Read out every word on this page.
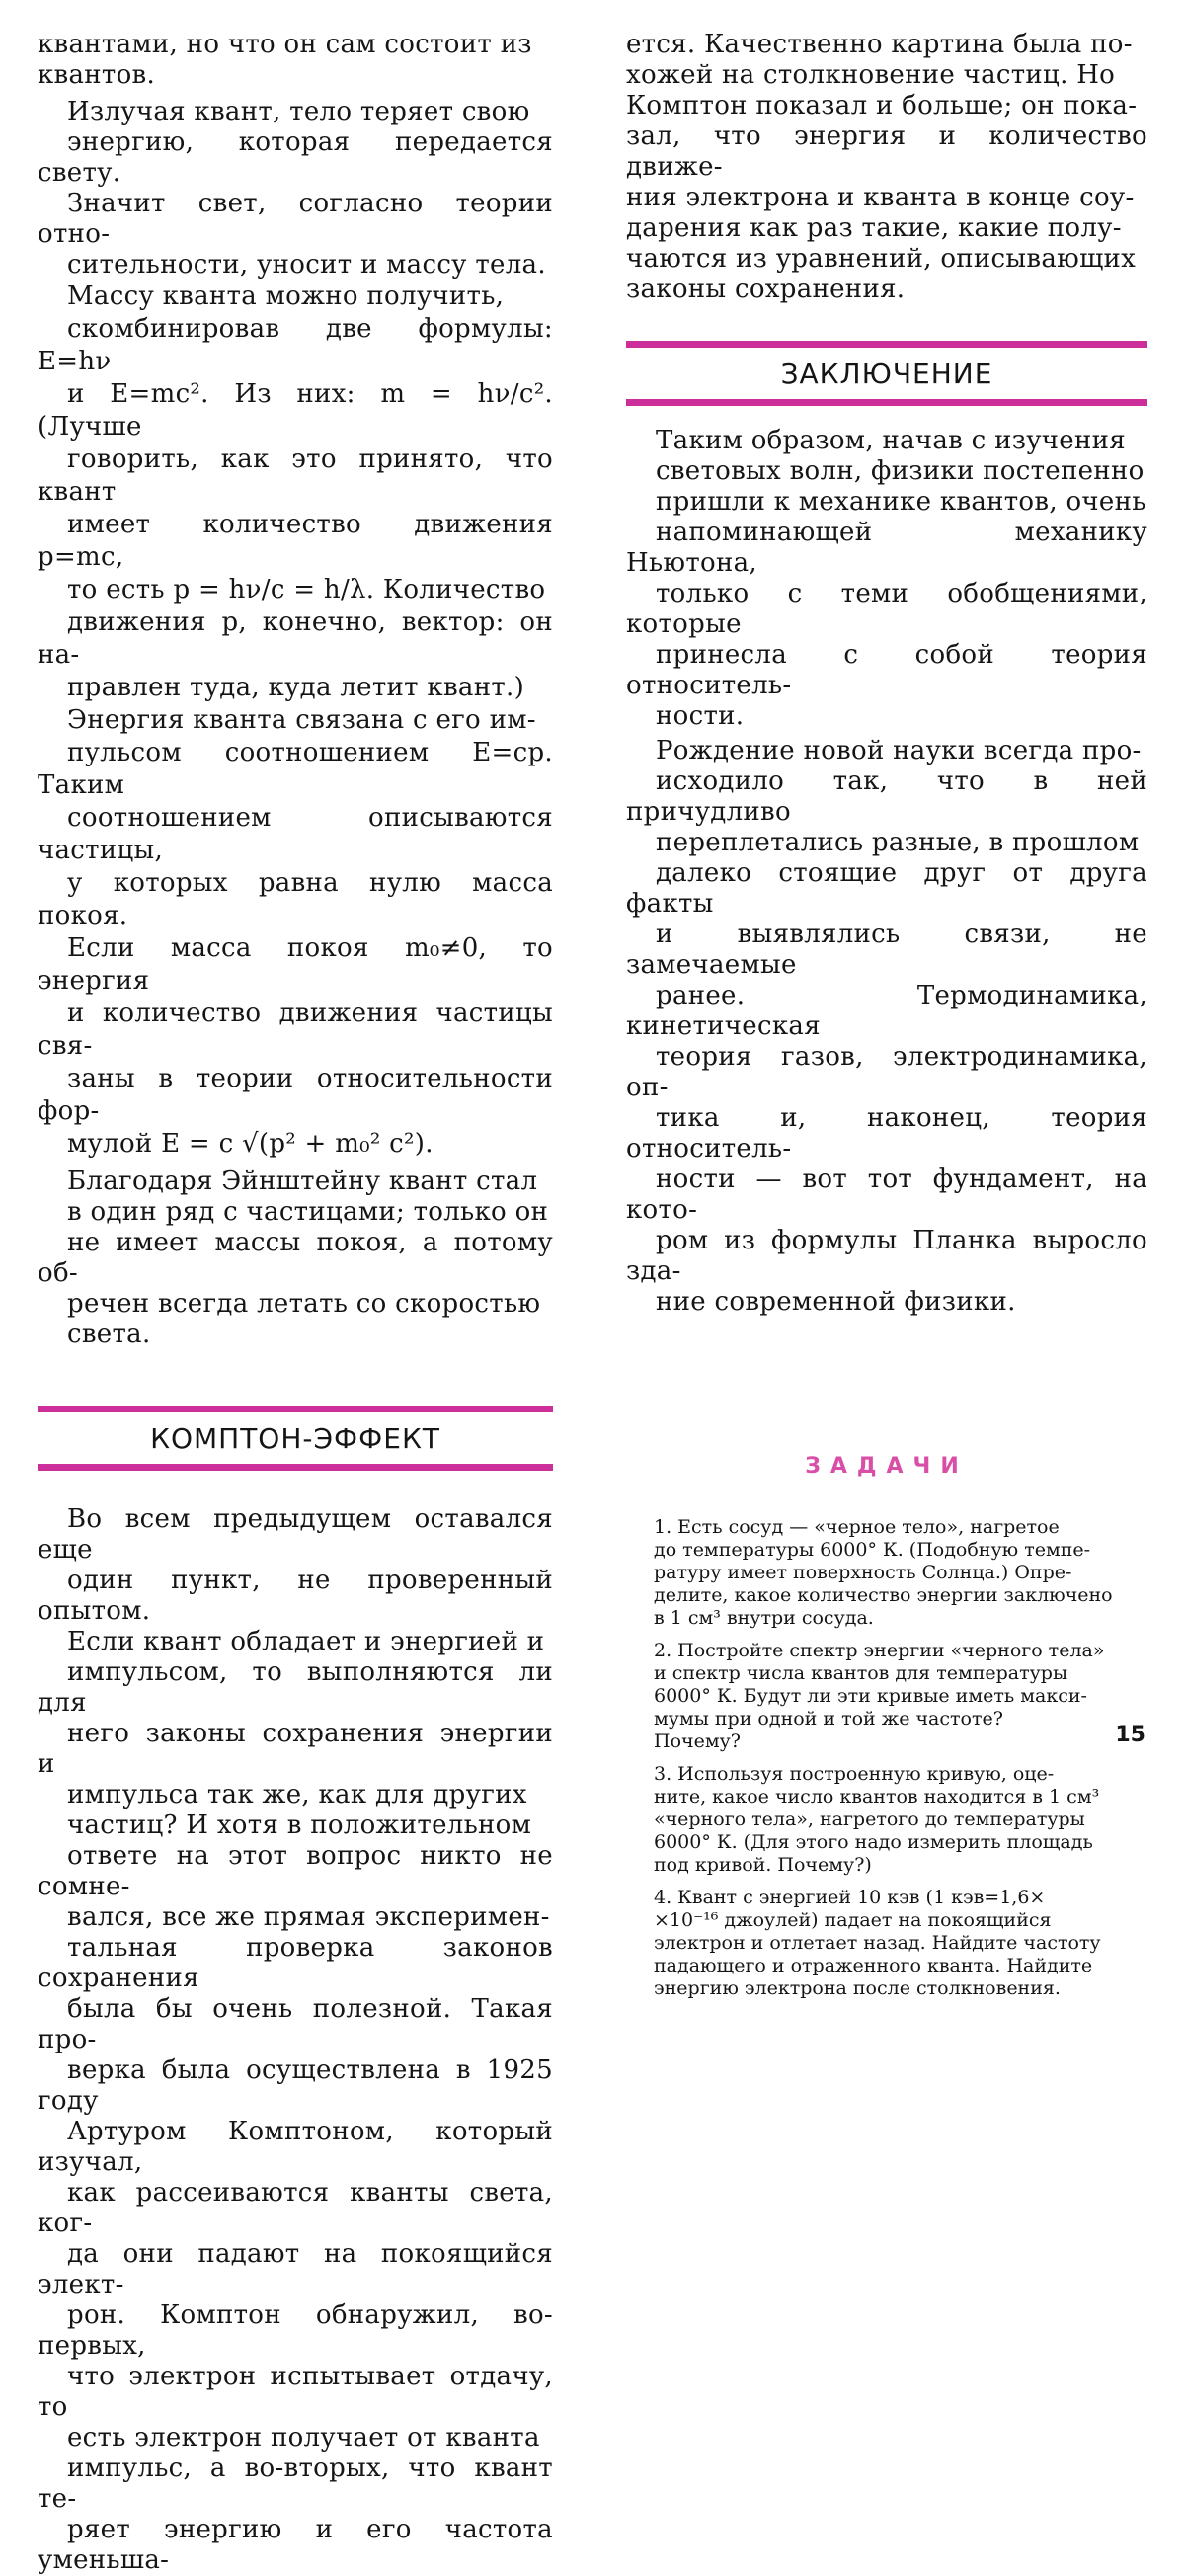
квантами, но что он сам состоит из
квантов.

Излучая квант, тело теряет свою
энергию, которая передается свету.
Значит свет, согласно теории отно-
сительности, уносит и массу тела.

Массу кванта можно получить,
скомбинировав две формулы: E=hν
и E=mc². Из них: m = hν/c². (Лучше
говорить, как это принято, что квант
имеет количество движения p=mc,
то есть p = hν/c = h/λ. Количество
движения p, конечно, вектор: он на-
правлен туда, куда летит квант.)
Энергия кванта связана с его им-
пульсом соотношением E=cp. Таким
соотношением описываются частицы,
у которых равна нулю масса покоя.
Если масса покоя m₀≠0, то энергия
и количество движения частицы свя-
заны в теории относительности фор-
мулой E = c √(p² + m₀² c²).

Благодаря Эйнштейну квант стал
в один ряд с частицами; только он
не имеет массы покоя, а потому об-
речен всегда летать со скоростью
света.

КОМПТОН-ЭФФЕКТ

Во всем предыдущем оставался еще
один пункт, не проверенный опытом.
Если квант обладает и энергией и
импульсом, то выполняются ли для
него законы сохранения энергии и
импульса так же, как для других
частиц? И хотя в положительном
ответе на этот вопрос никто не сомне-
вался, все же прямая эксперимен-
тальная проверка законов сохранения
была бы очень полезной. Такая про-
верка была осуществлена в 1925 году
Артуром Комптоном, который изучал,
как рассеиваются кванты света, ког-
да они падают на покоящийся элект-
рон. Комптон обнаружил, во-первых,
что электрон испытывает отдачу, то
есть электрон получает от кванта
импульс, а во-вторых, что квант те-
ряет энергию и его частота уменьша-

ется. Качественно картина была по-
хожей на столкновение частиц. Но
Комптон показал и больше; он пока-
зал, что энергия и количество движе-
ния электрона и кванта в конце соу-
дарения как раз такие, какие полу-
чаются из уравнений, описывающих
законы сохранения.

ЗАКЛЮЧЕНИЕ

Таким образом, начав с изучения
световых волн, физики постепенно
пришли к механике квантов, очень
напоминающей механику Ньютона,
только с теми обобщениями, которые
принесла с собой теория относитель-
ности.

Рождение новой науки всегда про-
исходило так, что в ней причудливо
переплетались разные, в прошлом
далеко стоящие друг от друга факты
и выявлялись связи, не замечаемые
ранее. Термодинамика, кинетическая
теория газов, электродинамика, оп-
тика и, наконец, теория относитель-
ности — вот тот фундамент, на кото-
ром из формулы Планка выросло зда-
ние современной физики.

ЗАДАЧИ

1. Есть сосуд — «черное тело», нагретое
до температуры 6000° К. (Подобную темпе-
ратуру имеет поверхность Солнца.) Опре-
делите, какое количество энергии заключено
в 1 см³ внутри сосуда.

2. Постройте спектр энергии «черного тела»
и спектр числа квантов для температуры
6000° К. Будут ли эти кривые иметь макси-
мумы при одной и той же частоте?
Почему?

3. Используя построенную кривую, оце-
ните, какое число квантов находится в 1 см³
«черного тела», нагретого до температуры
6000° К. (Для этого надо измерить площадь
под кривой. Почему?)

4. Квант с энергией 10 кэв (1 кэв=1,6×
×10⁻¹⁶ джоулей) падает на покоящийся
электрон и отлетает назад. Найдите частоту
падающего и отраженного кванта. Найдите
энергию электрона после столкновения.

15
